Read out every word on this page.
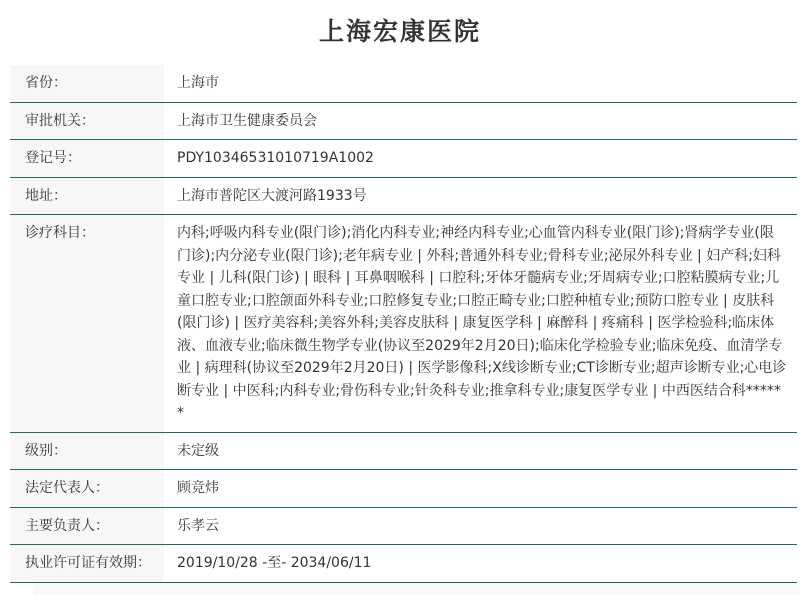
上海宏康医院
省份：	上海市
审批机关：	上海市卫生健康委员会
登记号：	PDY10346531010719A1002
地址：	上海市普陀区大渡河路1933号
诊疗科目：	内科;呼吸内科专业(限门诊);消化内科专业;神经内科专业;心血管内科专业(限门诊);肾病学专业(限门诊);内分泌专业(限门诊);老年病专业 | 外科;普通外科专业;骨科专业;泌尿外科专业 | 妇产科;妇科专业 | 儿科(限门诊) | 眼科 | 耳鼻咽喉科 | 口腔科;牙体牙髓病专业;牙周病专业;口腔粘膜病专业;儿童口腔专业;口腔颌面外科专业;口腔修复专业;口腔正畸专业;口腔种植专业;预防口腔专业 | 皮肤科(限门诊) | 医疗美容科;美容外科;美容皮肤科 | 康复医学科 | 麻醉科 | 疼痛科 | 医学检验科;临床体液、血液专业;临床微生物学专业(协议至2029年2月20日);临床化学检验专业;临床免疫、血清学专业 | 病理科(协议至2029年2月20日) | 医学影像科;X线诊断专业;CT诊断专业;超声诊断专业;心电诊断专业 | 中医科;内科专业;骨伤科专业;针灸科专业;推拿科专业;康复医学专业 | 中西医结合科******
级别：	未定级
法定代表人：	顾竞炜
主要负责人：	乐孝云
执业许可证有效期：	2019/10/28 -至- 2034/06/11
